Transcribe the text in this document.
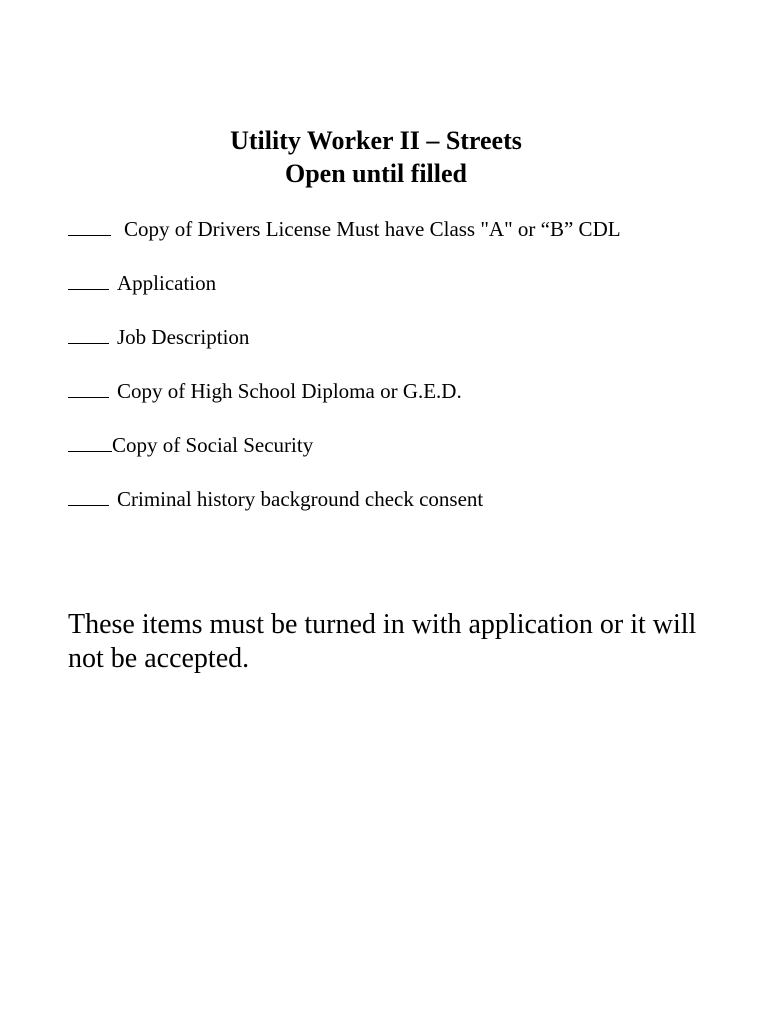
Utility Worker II – Streets
Open until filled
Copy of Drivers License Must have Class "A" or “B” CDL
Application
Job Description
Copy of High School Diploma or G.E.D.
Copy of Social Security
Criminal history background check consent

These items must be turned in with application or it will not be accepted.
